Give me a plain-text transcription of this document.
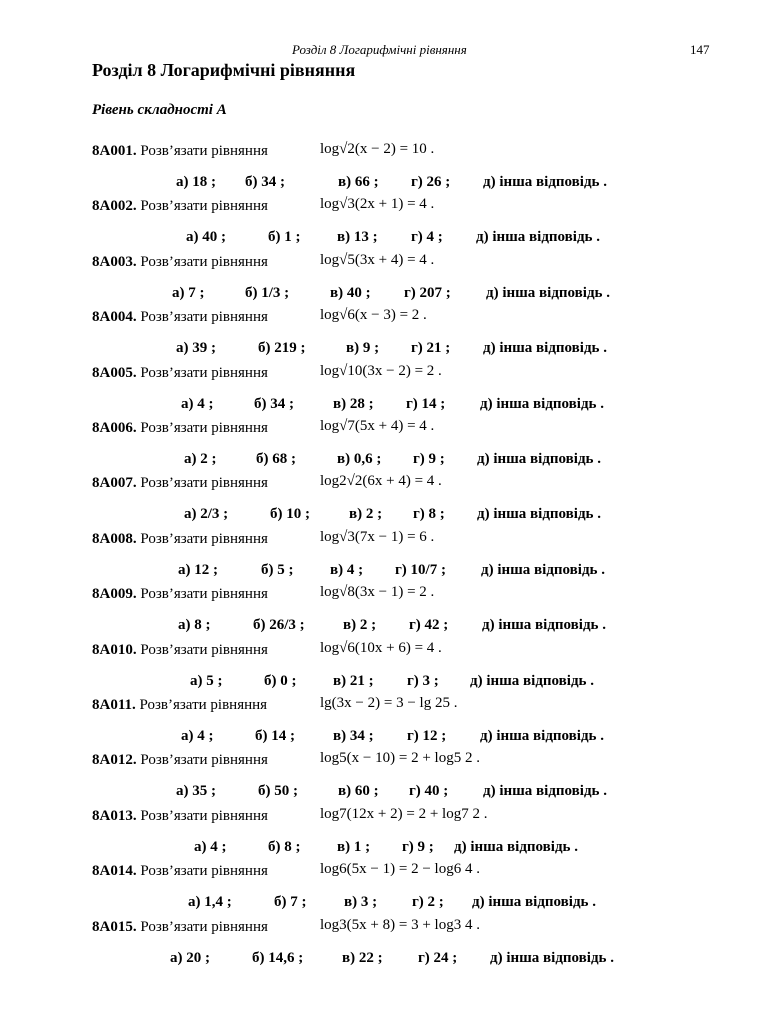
Розділ 8 Логарифмічні рівняння	147
Розділ 8 Логарифмічні рівняння
Рівень складності А
8А001. Розв’язати рівняння	log√2(x − 2) = 10 .
а) 18 ; б) 34 ;	в) 66 ; г) 26 ; д) інша відповідь .
8А002. Розв’язати рівняння	log√3(2x + 1) = 4 .
а) 40 ;	б) 1 ; в) 13 ; г) 4 ; д) інша відповідь .
8А003. Розв’язати рівняння	log√5(3x + 4) = 4 .
а) 7 ;	б) 1/3 ;	в) 40 ; г) 207 ; д) інша відповідь .
8А004. Розв’язати рівняння	log√6(x − 3) = 2 .
а) 39 ;	б) 219 ;	в) 9 ; г) 21 ; д) інша відповідь .
8А005. Розв’язати рівняння	log√10(3x − 2) = 2 .
а) 4 ;	б) 34 ;	в) 28 ; г) 14 ; д) інша відповідь .
8А006. Розв’язати рівняння	log√7(5x + 4) = 4 .
а) 2 ;	б) 68 ;	в) 0,6 ; г) 9 ; д) інша відповідь .
8А007. Розв’язати рівняння	log2√2(6x + 4) = 4 .
а) 2/3 ;	б) 10 ;	в) 2 ; г) 8 ; д) інша відповідь .
8А008. Розв’язати рівняння	log√3(7x − 1) = 6 .
а) 12 ;	б) 5 ; в) 4 ; г) 10/7 ; д) інша відповідь .
8А009. Розв’язати рівняння	log√8(3x − 1) = 2 .
а) 8 ;	б) 26/3 ;	в) 2 ; г) 42 ; д) інша відповідь .
8А010. Розв’язати рівняння	log√6(10x + 6) = 4 .
а) 5 ;	б) 0 ; в) 21 ; г) 3 ; д) інша відповідь .
8А011. Розв’язати рівняння	lg(3x − 2) = 3 − lg 25 .
а) 4 ;	б) 14 ;	в) 34 ; г) 12 ; д) інша відповідь .
8А012. Розв’язати рівняння	log5(x − 10) = 2 + log5 2 .
а) 35 ;	б) 50 ;	в) 60 ; г) 40 ; д) інша відповідь .
8А013. Розв’язати рівняння	log7(12x + 2) = 2 + log7 2 .
а) 4 ;	б) 8 ; в) 1 ; г) 9 ; д) інша відповідь .
8А014. Розв’язати рівняння	log6(5x − 1) = 2 − log6 4 .
а) 1,4 ;	б) 7 ;	в) 3 ; г) 2 ; д) інша відповідь .
8А015. Розв’язати рівняння	log3(5x + 8) = 3 + log3 4 .
а) 20 ;	б) 14,6 ;	в) 22 ; г) 24 ; д) інша відповідь .
